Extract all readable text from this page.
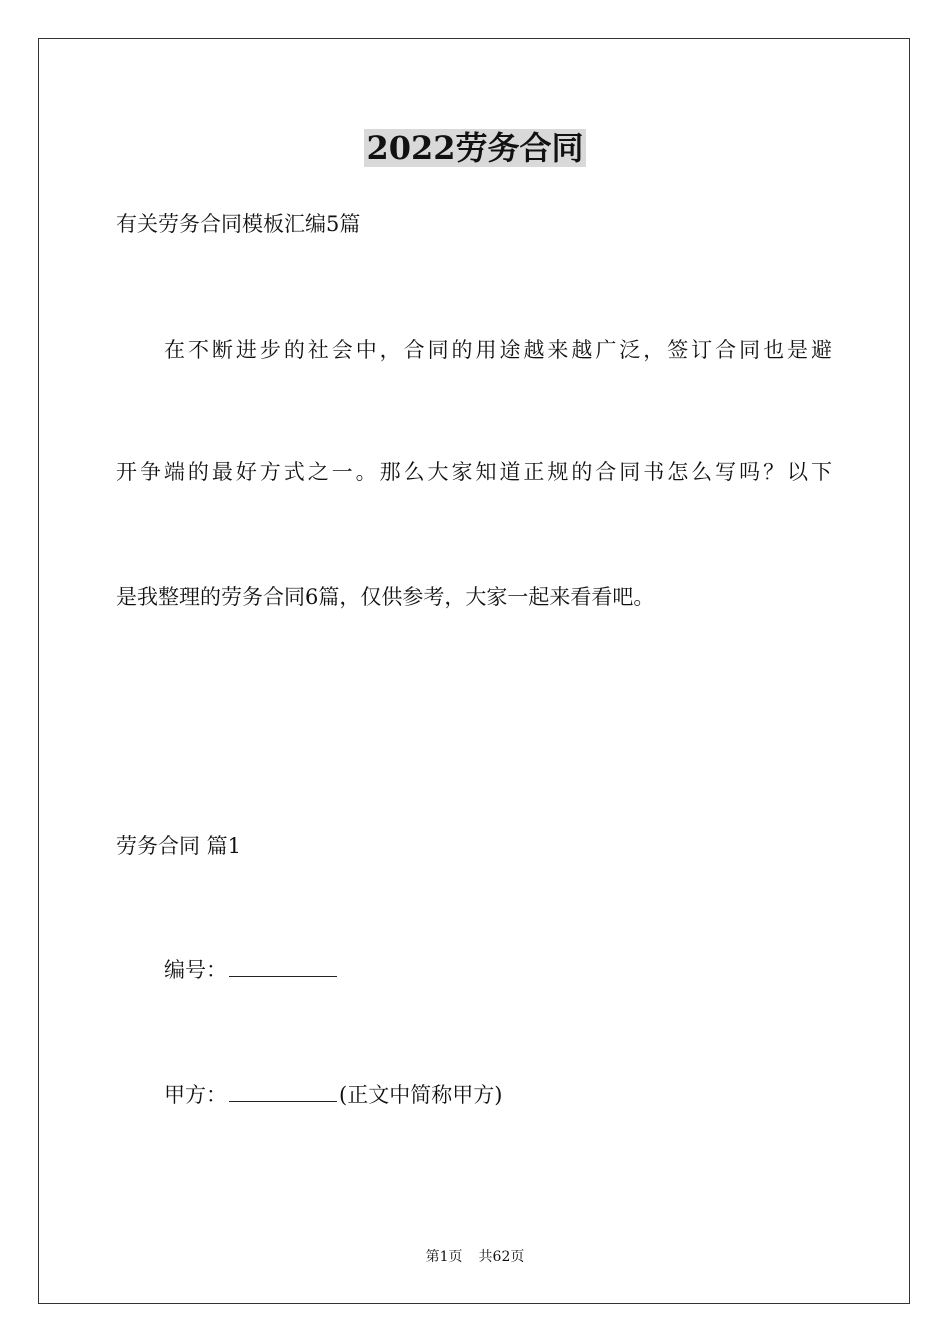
2022劳务合同
有关劳务合同模板汇编5篇
在不断进步的社会中，合同的用途越来越广泛，签订合同也是避
开争端的最好方式之一。那么大家知道正规的合同书怎么写吗？以下
是我整理的劳务合同6篇，仅供参考，大家一起来看看吧。
劳务合同 篇1
编号：
甲方：	(正文中简称甲方)
第1页 共62页
